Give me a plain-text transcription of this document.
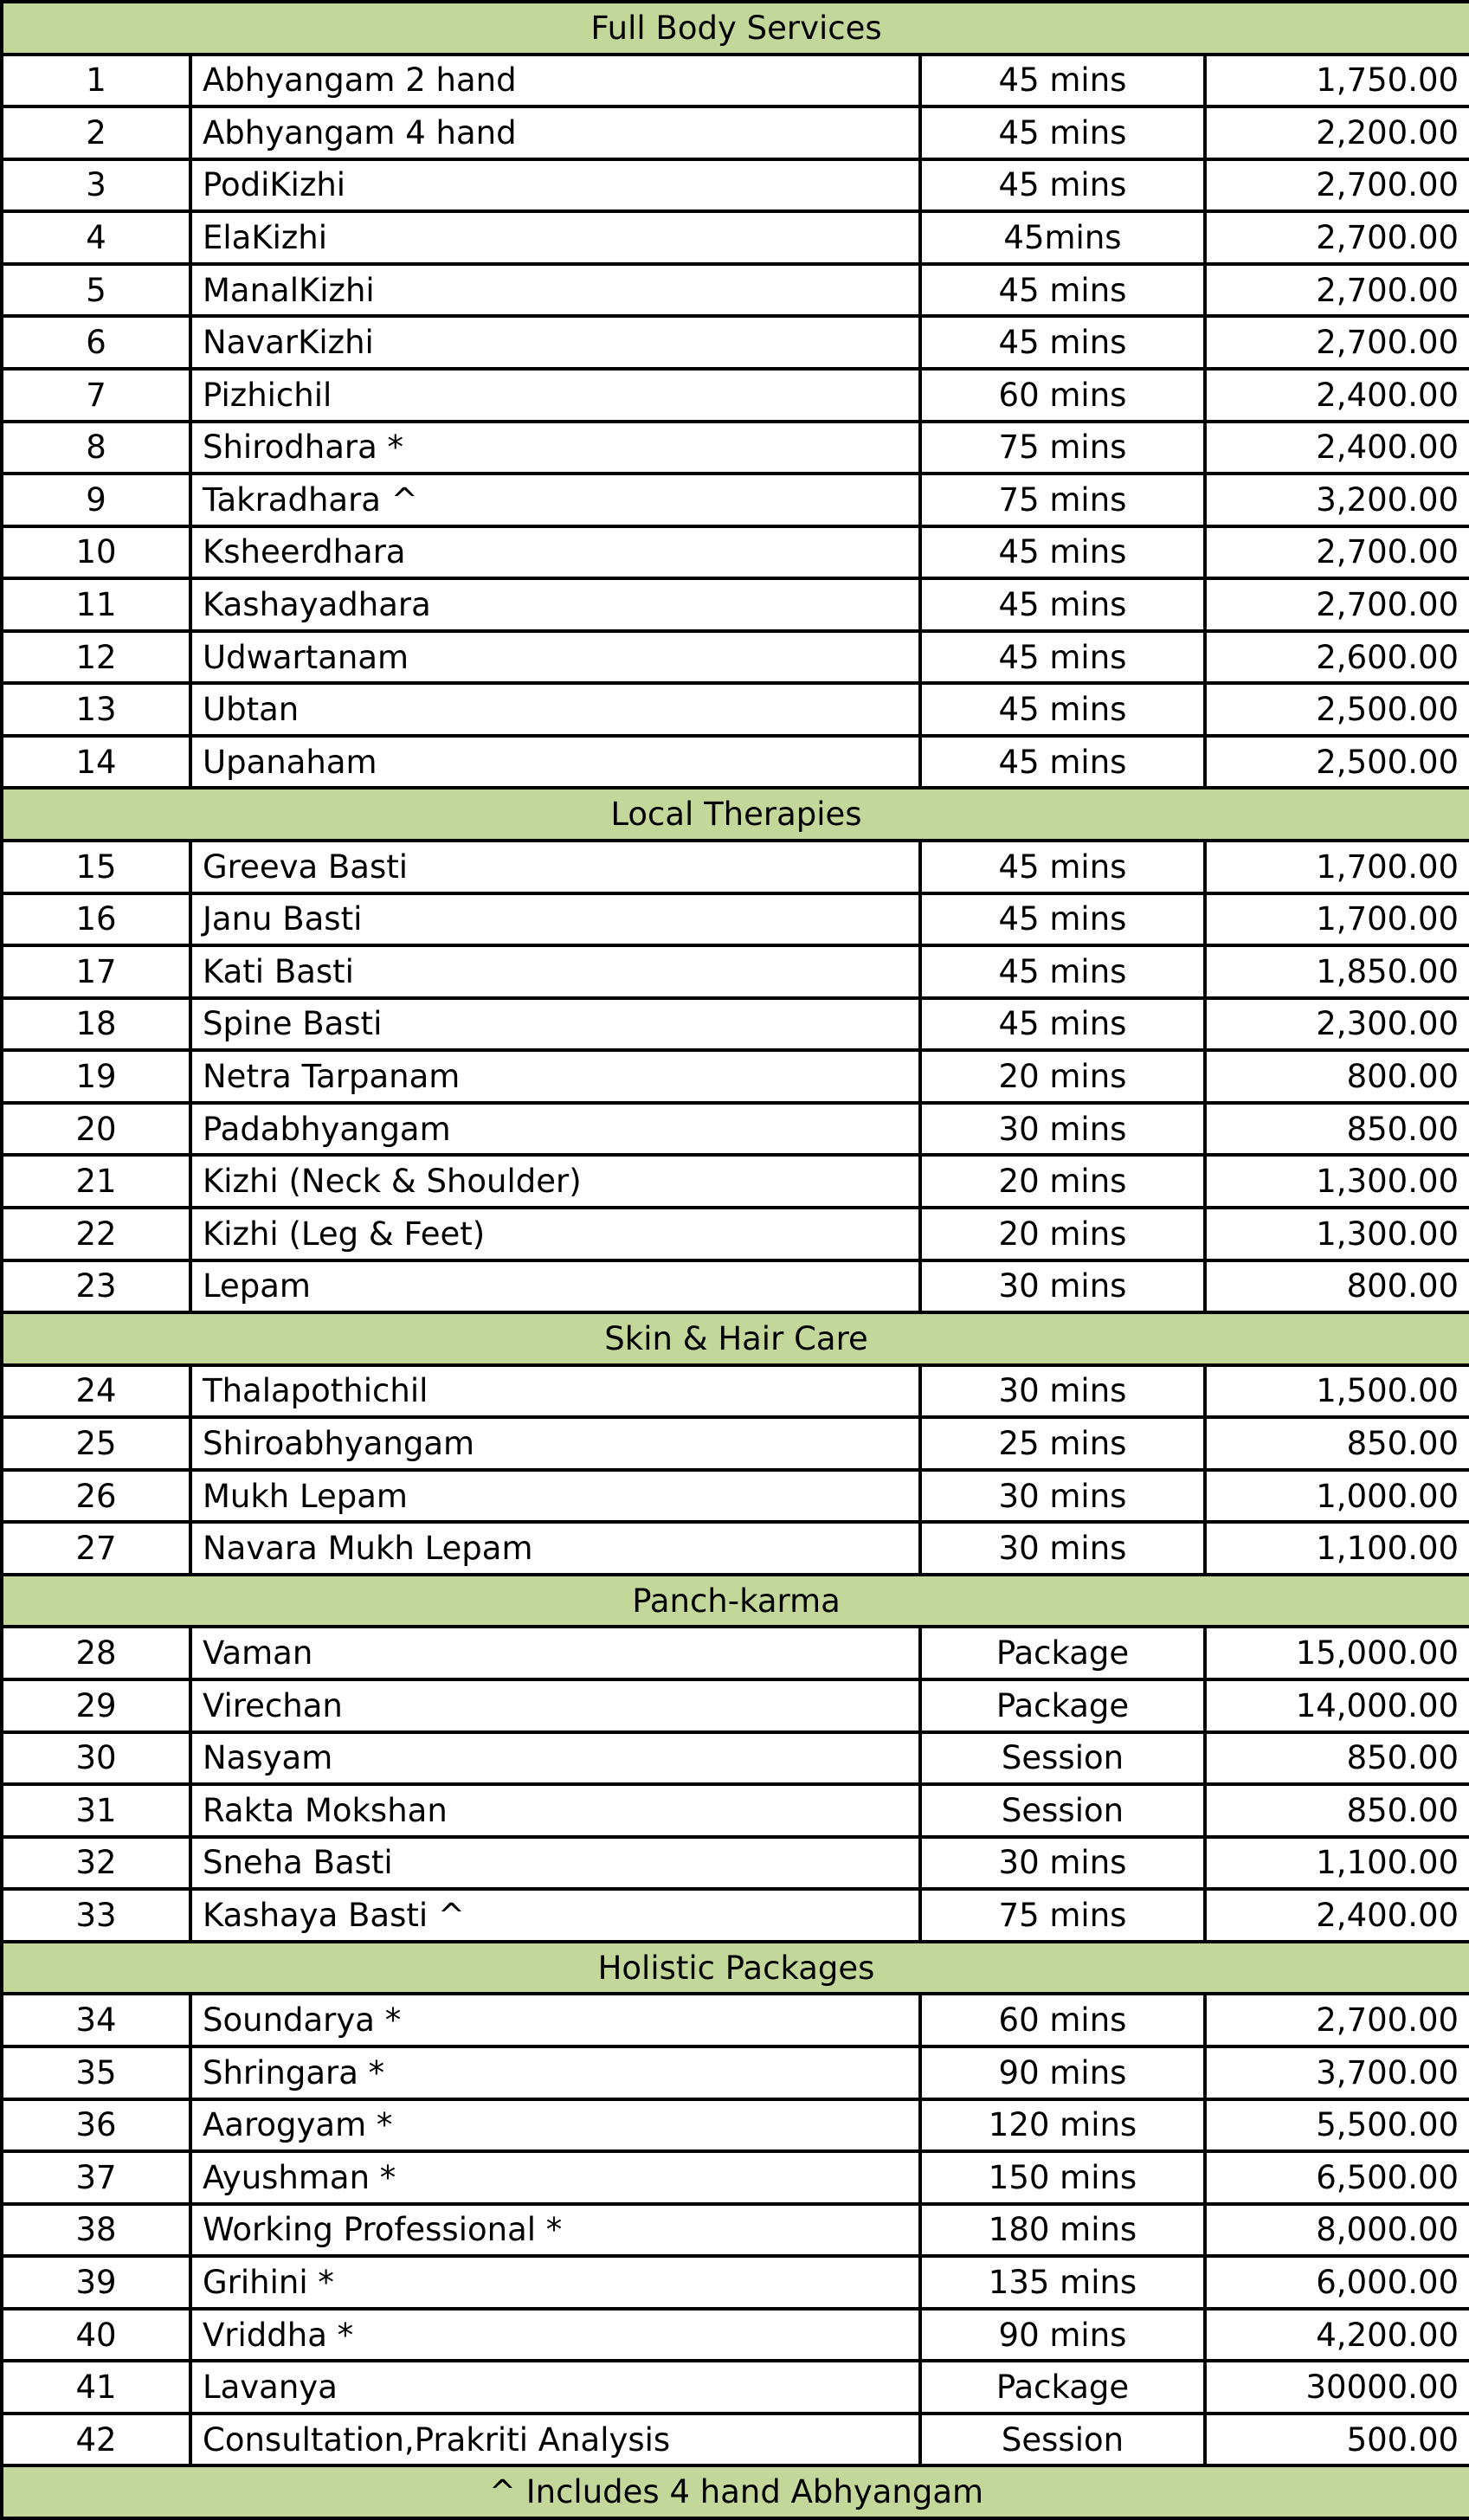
Full Body Services			
1	Abhyangam 2 hand	45 mins	1,750.00
2	Abhyangam 4 hand	45 mins	2,200.00
3	PodiKizhi	45 mins	2,700.00
4	ElaKizhi	45mins	2,700.00
5	ManalKizhi	45 mins	2,700.00
6	NavarKizhi	45 mins	2,700.00
7	Pizhichil	60 mins	2,400.00
8	Shirodhara *	75 mins	2,400.00
9	Takradhara ^	75 mins	3,200.00
10	Ksheerdhara	45 mins	2,700.00
11	Kashayadhara	45 mins	2,700.00
12	Udwartanam	45 mins	2,600.00
13	Ubtan	45 mins	2,500.00
14	Upanaham	45 mins	2,500.00
Local Therapies			
15	Greeva Basti	45 mins	1,700.00
16	Janu Basti	45 mins	1,700.00
17	Kati Basti	45 mins	1,850.00
18	Spine Basti	45 mins	2,300.00
19	Netra Tarpanam	20 mins	800.00
20	Padabhyangam	30 mins	850.00
21	Kizhi (Neck & Shoulder)	20 mins	1,300.00
22	Kizhi (Leg & Feet)	20 mins	1,300.00
23	Lepam	30 mins	800.00
Skin & Hair Care			
24	Thalapothichil	30 mins	1,500.00
25	Shiroabhyangam	25 mins	850.00
26	Mukh Lepam	30 mins	1,000.00
27	Navara Mukh Lepam	30 mins	1,100.00
Panch-karma			
28	Vaman	Package	15,000.00
29	Virechan	Package	14,000.00
30	Nasyam	Session	850.00
31	Rakta Mokshan	Session	850.00
32	Sneha Basti	30 mins	1,100.00
33	Kashaya Basti ^	75 mins	2,400.00
Holistic Packages			
34	Soundarya *	60 mins	2,700.00
35	Shringara *	90 mins	3,700.00
36	Aarogyam *	120 mins	5,500.00
37	Ayushman *	150 mins	6,500.00
38	Working Professional *	180 mins	8,000.00
39	Grihini *	135 mins	6,000.00
40	Vriddha *	90 mins	4,200.00
41	Lavanya	Package	30000.00
42	Consultation,Prakriti Analysis	Session	500.00
^ Includes 4 hand Abhyangam			
